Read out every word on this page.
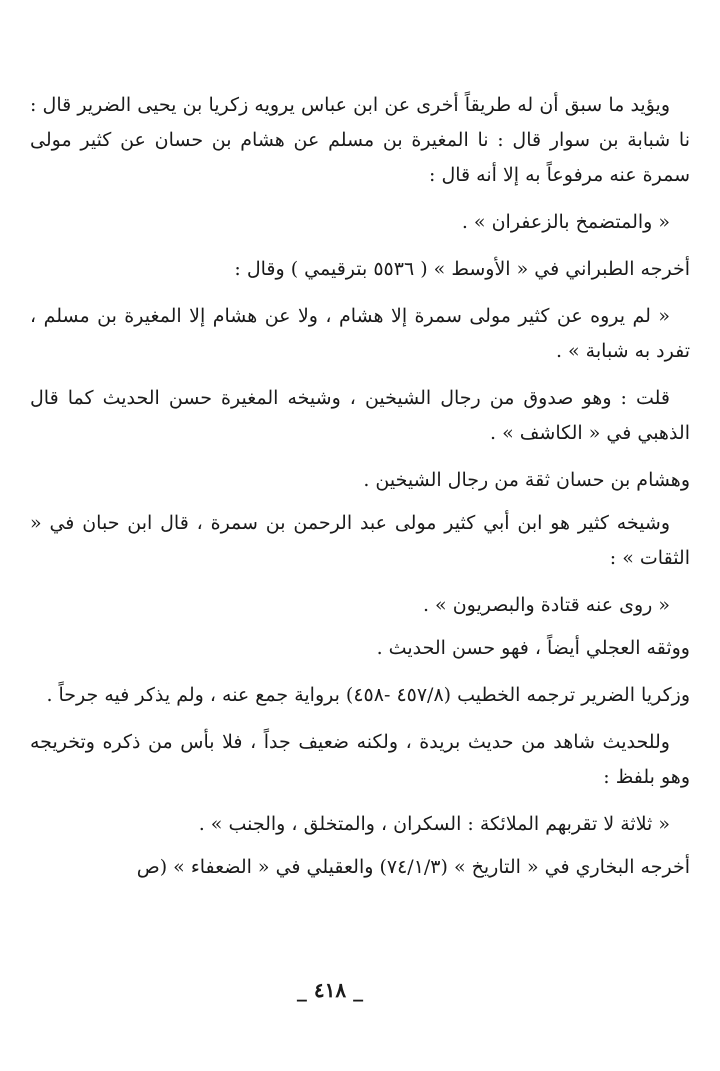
ويؤيد ما سبق أن له طريقاً أخرى عن ابن عباس يرويه زكريا بن يحيى الضرير قال : نا شبابة بن سوار قال : نا المغيرة بن مسلم عن هشام بن حسان عن كثير مولى سمرة عنه مرفوعاً به إلا أنه قال :

« والمتضمخ بالزعفران » .

أخرجه الطبراني في « الأوسط » ( ٥٥٣٦ بترقيمي ) وقال :

« لم يروه عن كثير مولى سمرة إلا هشام ، ولا عن هشام إلا المغيرة بن مسلم ، تفرد به شبابة » .

قلت : وهو صدوق من رجال الشيخين ، وشيخه المغيرة حسن الحديث كما قال الذهبي في « الكاشف » .

وهشام بن حسان ثقة من رجال الشيخين .

وشيخه كثير هو ابن أبي كثير مولى عبد الرحمن بن سمرة ، قال ابن حبان في « الثقات » :

« روى عنه قتادة والبصريون » .

ووثقه العجلي أيضاً ، فهو حسن الحديث .

وزكريا الضرير ترجمه الخطيب (٤٥٧/٨ -٤٥٨) برواية جمع عنه ، ولم يذكر فيه جرحاً .

وللحديث شاهد من حديث بريدة ، ولكنه ضعيف جداً ، فلا بأس من ذكره وتخريجه وهو بلفظ :

« ثلاثة لا تقربهم الملائكة : السكران ، والمتخلق ، والجنب » .

أخرجه البخاري في « التاريخ » (٧٤/١/٣) والعقيلي في « الضعفاء » (ص

_ ٤١٨ _
